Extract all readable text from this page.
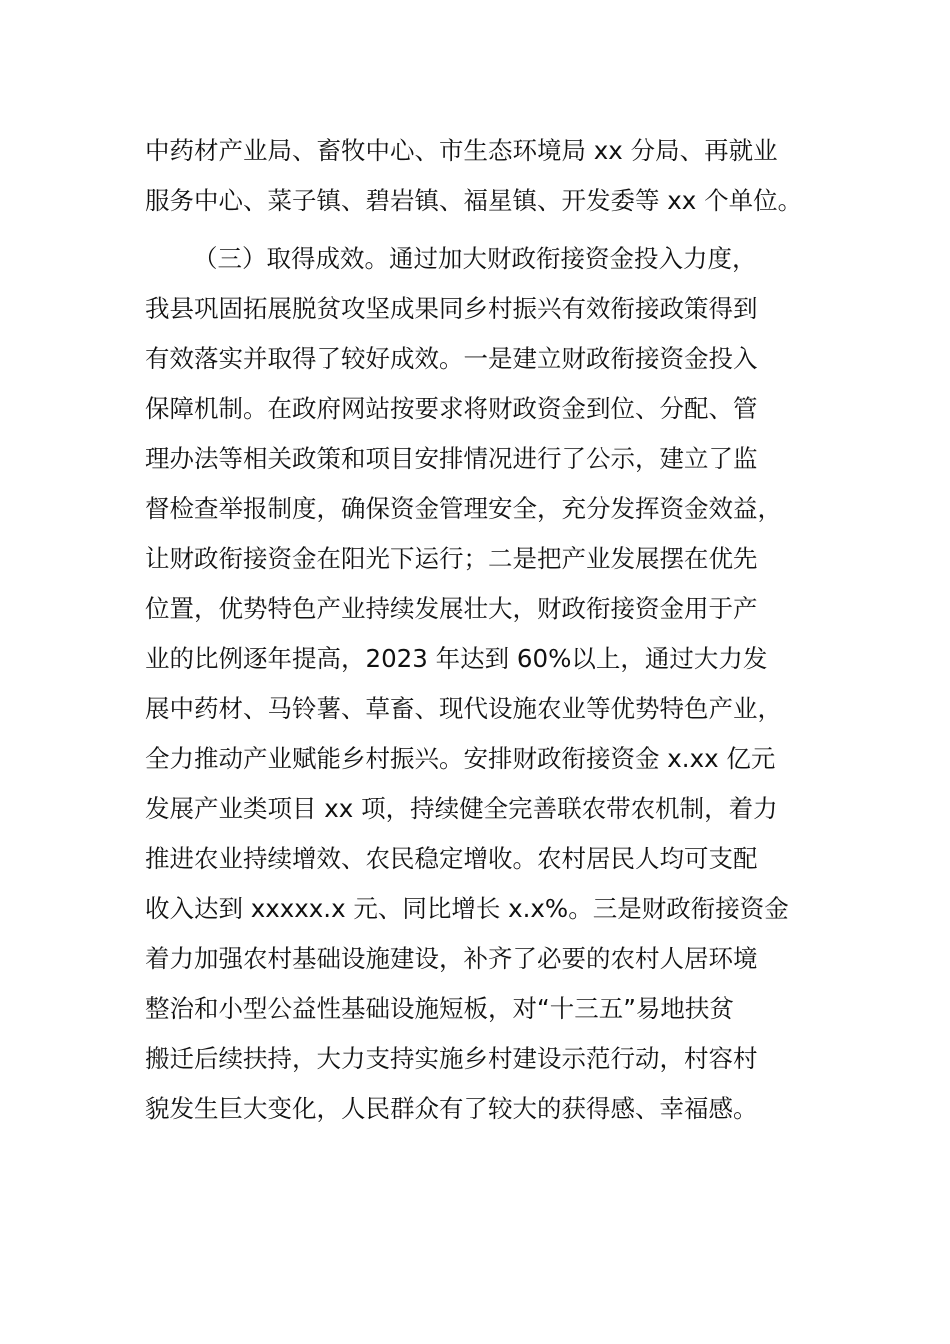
中药材产业局、畜牧中心、市生态环境局 xx 分局、再就业
服务中心、菜子镇、碧岩镇、福星镇、开发委等 xx 个单位。
（三）取得成效。通过加大财政衔接资金投入力度，
我县巩固拓展脱贫攻坚成果同乡村振兴有效衔接政策得到
有效落实并取得了较好成效。一是建立财政衔接资金投入
保障机制。在政府网站按要求将财政资金到位、分配、管
理办法等相关政策和项目安排情况进行了公示，建立了监
督检查举报制度，确保资金管理安全，充分发挥资金效益，
让财政衔接资金在阳光下运行；二是把产业发展摆在优先
位置，优势特色产业持续发展壮大，财政衔接资金用于产
业的比例逐年提高，2023 年达到 60%以上，通过大力发
展中药材、马铃薯、草畜、现代设施农业等优势特色产业，
全力推动产业赋能乡村振兴。安排财政衔接资金 x.xx 亿元
发展产业类项目 xx 项，持续健全完善联农带农机制，着力
推进农业持续增效、农民稳定增收。农村居民人均可支配
收入达到 xxxxx.x 元、同比增长 x.x%。三是财政衔接资金
着力加强农村基础设施建设，补齐了必要的农村人居环境
整治和小型公益性基础设施短板，对“十三五”易地扶贫
搬迁后续扶持，大力支持实施乡村建设示范行动，村容村
貌发生巨大变化，人民群众有了较大的获得感、幸福感。
